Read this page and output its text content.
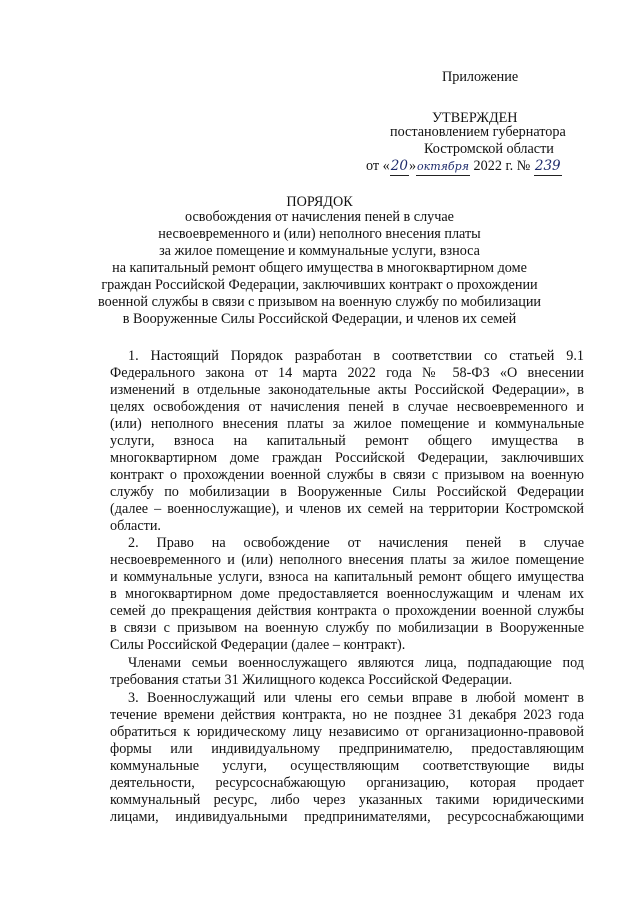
Приложение
УТВЕРЖДЕН
постановлением губернатора
Костромской области
от «20»октября 2022 г. № 239
ПОРЯДОК
освобождения от начисления пеней в случае
несвоевременного и (или) неполного внесения платы
за жилое помещение и коммунальные услуги, взноса
на капитальный ремонт общего имущества в многоквартирном доме
граждан Российской Федерации, заключивших контракт о прохождении
военной службы в связи с призывом на военную службу по мобилизации
в Вооруженные Силы Российской Федерации, и членов их семей
1. Настоящий Порядок разработан в соответствии со статьей 9.1
Федерального закона от 14 марта 2022 года № 58-ФЗ «О внесении
изменений в отдельные законодательные акты Российской Федерации», в
целях освобождения от начисления пеней в случае несвоевременного и
(или) неполного внесения платы за жилое помещение и коммунальные
услуги, взноса на капитальный ремонт общего имущества в
многоквартирном доме граждан Российской Федерации, заключивших
контракт о прохождении военной службы в связи с призывом на военную
службу по мобилизации в Вооруженные Силы Российской Федерации
(далее – военнослужащие), и членов их семей на территории Костромской
области.
2. Право на освобождение от начисления пеней в случае
несвоевременного и (или) неполного внесения платы за жилое помещение
и коммунальные услуги, взноса на капитальный ремонт общего имущества
в многоквартирном доме предоставляется военнослужащим и членам их
семей до прекращения действия контракта о прохождении военной службы
в связи с призывом на военную службу по мобилизации в Вооруженные
Силы Российской Федерации (далее – контракт).
Членами семьи военнослужащего являются лица, подпадающие под
требования статьи 31 Жилищного кодекса Российской Федерации.
3. Военнослужащий или члены его семьи вправе в любой момент в
течение времени действия контракта, но не позднее 31 декабря 2023 года
обратиться к юридическому лицу независимо от организационно-правовой
формы или индивидуальному предпринимателю, предоставляющим
коммунальные услуги, осуществляющим соответствующие виды
деятельности, ресурсоснабжающую организацию, которая продает
коммунальный ресурс, либо через указанных такими юридическими
лицами, индивидуальными предпринимателями, ресурсоснабжающими
